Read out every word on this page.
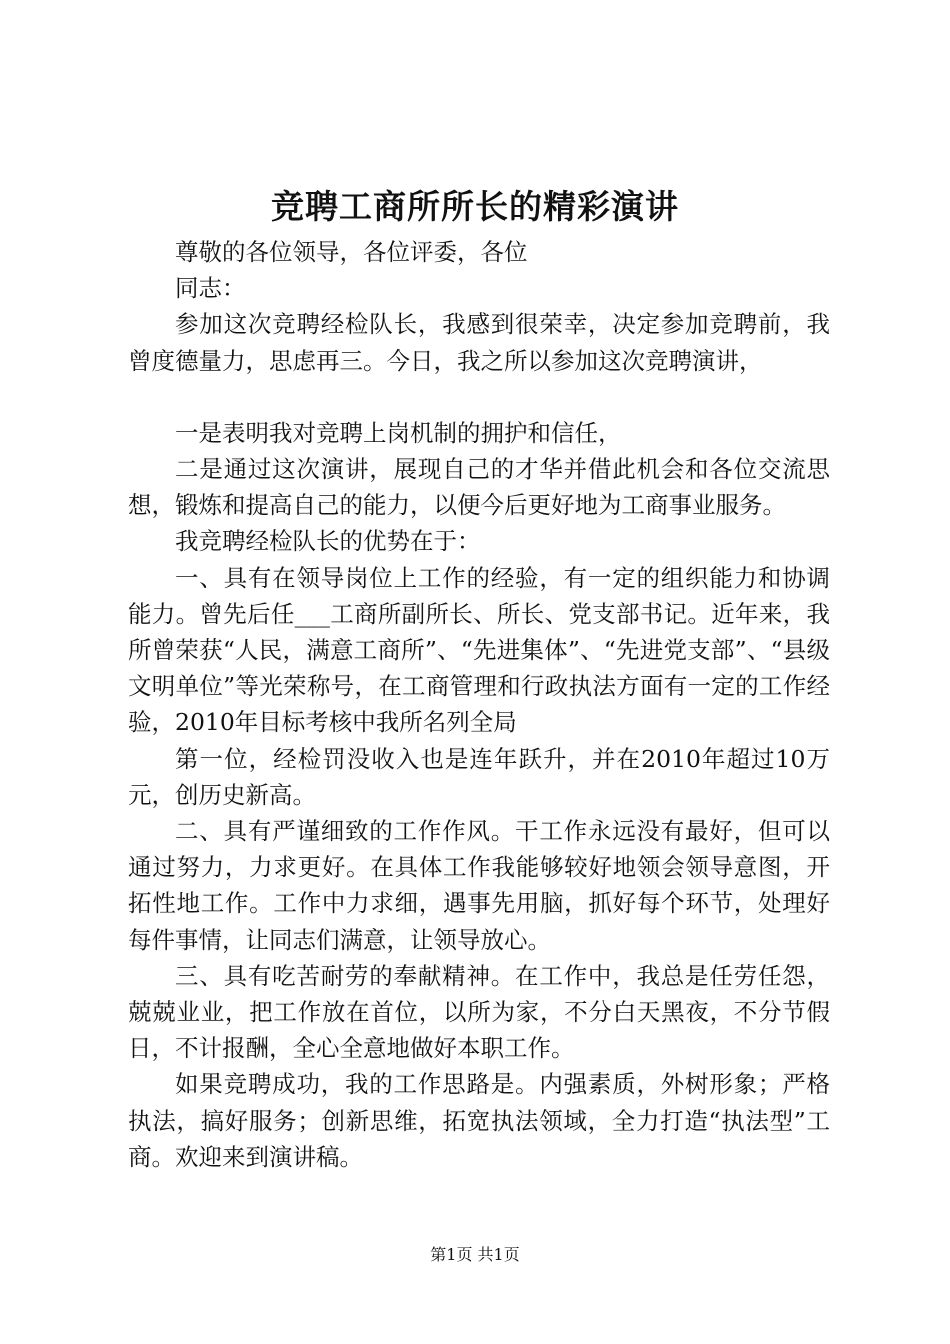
竞聘工商所所长的精彩演讲

尊敬的各位领导，各位评委，各位

同志：

参加这次竞聘经检队长，我感到很荣幸，决定参加竞聘前，我曾度德量力，思虑再三。今日，我之所以参加这次竞聘演讲，

一是表明我对竞聘上岗机制的拥护和信任，

二是通过这次演讲，展现自己的才华并借此机会和各位交流思想，锻炼和提高自己的能力，以便今后更好地为工商事业服务。

我竞聘经检队长的优势在于：

一、具有在领导岗位上工作的经验，有一定的组织能力和协调能力。曾先后任___工商所副所长、所长、党支部书记。近年来，我所曾荣获“人民，满意工商所”、“先进集体”、“先进党支部”、“县级文明单位”等光荣称号，在工商管理和行政执法方面有一定的工作经验，2010年目标考核中我所名列全局

第一位，经检罚没收入也是连年跃升，并在2010年超过10万元，创历史新高。

二、具有严谨细致的工作作风。干工作永远没有最好，但可以通过努力，力求更好。在具体工作我能够较好地领会领导意图，开拓性地工作。工作中力求细，遇事先用脑，抓好每个环节，处理好每件事情，让同志们满意，让领导放心。

三、具有吃苦耐劳的奉献精神。在工作中，我总是任劳任怨，兢兢业业，把工作放在首位，以所为家，不分白天黑夜，不分节假日，不计报酬，全心全意地做好本职工作。

如果竞聘成功，我的工作思路是。内强素质，外树形象；严格执法，搞好服务；创新思维，拓宽执法领域，全力打造“执法型”工商。欢迎来到演讲稿。

第1页 共1页
